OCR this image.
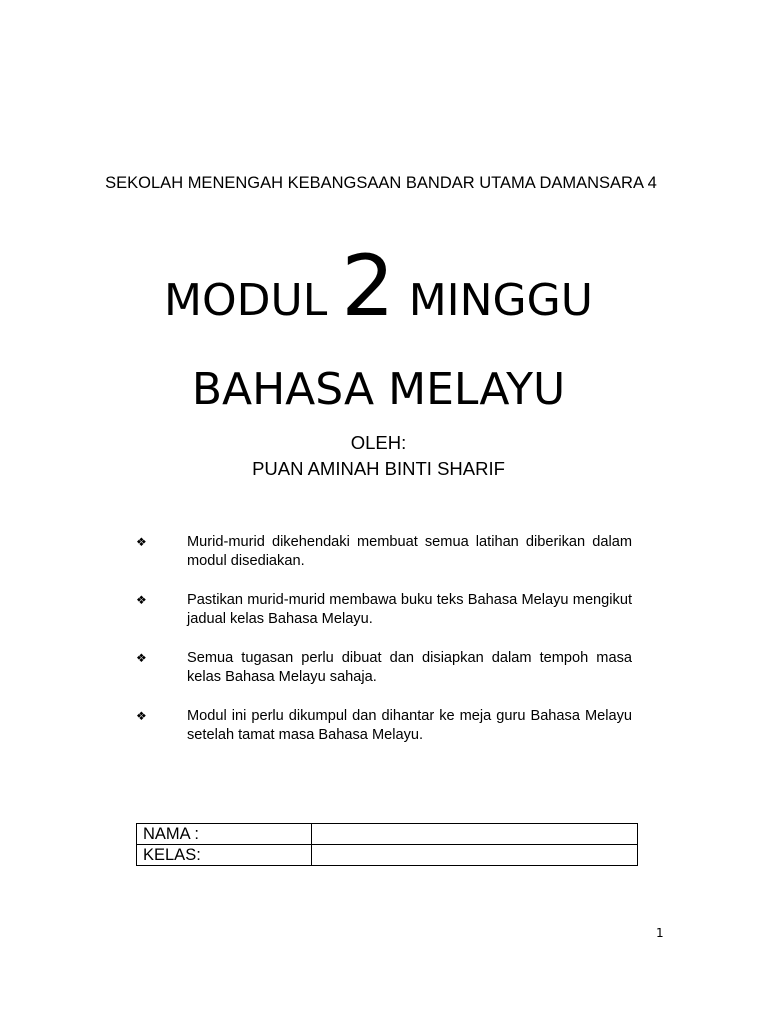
SEKOLAH MENENGAH KEBANGSAAN BANDAR UTAMA DAMANSARA 4
MODUL 2 MINGGU
BAHASA MELAYU
OLEH:
PUAN AMINAH BINTI SHARIF
❖	Murid-murid dikehendaki membuat semua latihan diberikan dalam modul disediakan.
❖	Pastikan murid-murid membawa buku teks Bahasa Melayu mengikut jadual kelas Bahasa Melayu.
❖	Semua tugasan perlu dibuat dan disiapkan dalam tempoh masa kelas Bahasa Melayu sahaja.
❖	Modul ini perlu dikumpul dan dihantar ke meja guru Bahasa Melayu setelah tamat masa Bahasa Melayu.
NAMA :	
KELAS:	
1
